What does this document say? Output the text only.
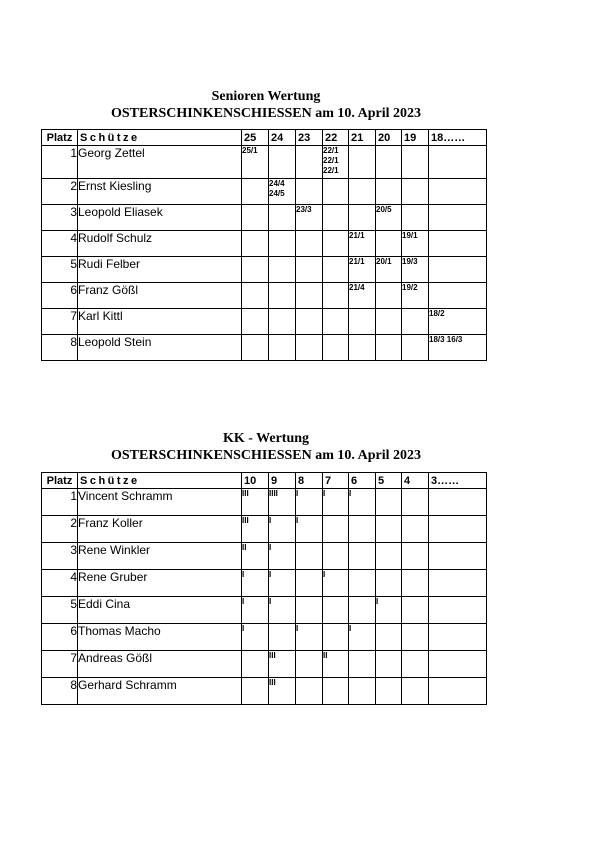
Senioren Wertung
OSTERSCHINKENSCHIESSEN am 10. April 2023
Platz	Schütze	25	24	23	22	21	20	19	18……
1	Georg Zettel	25/1			22/1
22/1
22/1				
2	Ernst Kiesling		24/4
24/5						
3	Leopold Eliasek			23/3			20/5		
4	Rudolf Schulz					21/1		19/1	
5	Rudi Felber					21/1	20/1	19/3	
6	Franz Gößl					21/4		19/2	
7	Karl Kittl								18/2
8	Leopold Stein								18/3 16/3
KK - Wertung
OSTERSCHINKENSCHIESSEN am 10. April 2023
Platz	Schütze	10	9	8	7	6	5	4	3……
1	Vincent Schramm	III	IIII	I	I	I			
2	Franz Koller	III	I	I					
3	Rene Winkler	II	I						
4	Rene Gruber	I	I		I				
5	Eddi Cina	I	I				I		
6	Thomas Macho	I		I		I			
7	Andreas Gößl		III		II				
8	Gerhard Schramm		III						
